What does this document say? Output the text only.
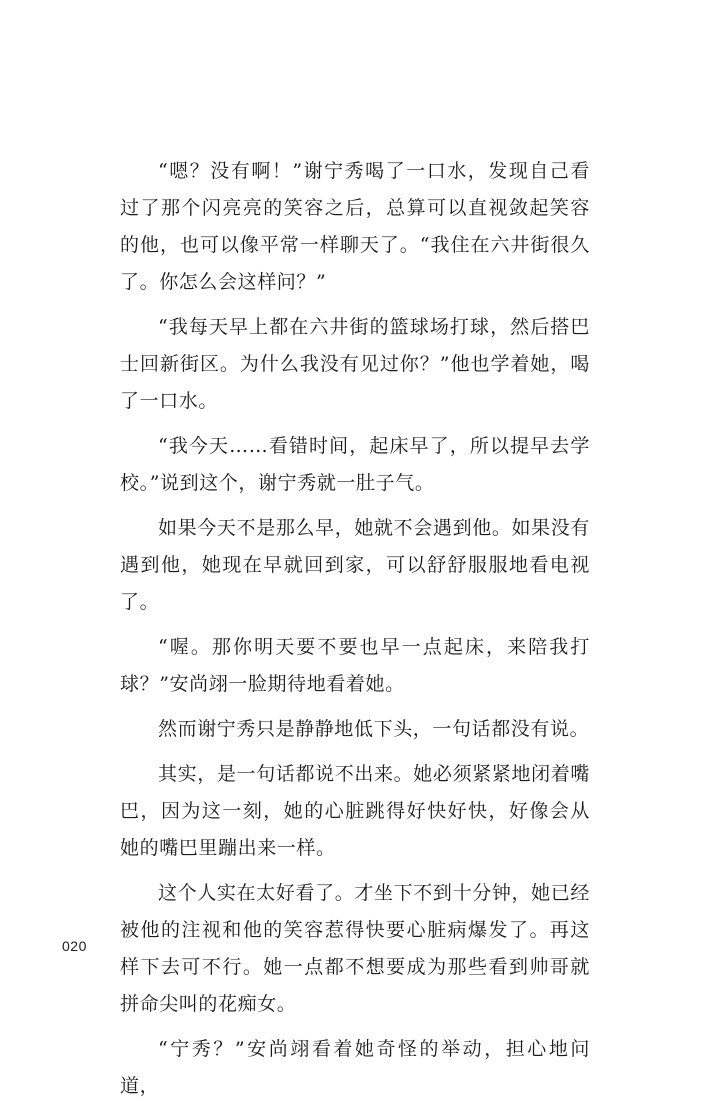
“嗯？没有啊！”谢宁秀喝了一口水，发现自己看过了那个闪亮亮的笑容之后，总算可以直视敛起笑容的他，也可以像平常一样聊天了。“我住在六井街很久了。你怎么会这样问？”

“我每天早上都在六井街的篮球场打球，然后搭巴士回新街区。为什么我没有见过你？”他也学着她，喝了一口水。

“我今天……看错时间，起床早了，所以提早去学校。”说到这个，谢宁秀就一肚子气。

如果今天不是那么早，她就不会遇到他。如果没有遇到他，她现在早就回到家，可以舒舒服服地看电视了。

“喔。那你明天要不要也早一点起床，来陪我打球？”安尚翊一脸期待地看着她。

然而谢宁秀只是静静地低下头，一句话都没有说。

其实，是一句话都说不出来。她必须紧紧地闭着嘴巴，因为这一刻，她的心脏跳得好快好快，好像会从她的嘴巴里蹦出来一样。

这个人实在太好看了。才坐下不到十分钟，她已经被他的注视和他的笑容惹得快要心脏病爆发了。再这样下去可不行。她一点都不想要成为那些看到帅哥就拼命尖叫的花痴女。

“宁秀？”安尚翊看着她奇怪的举动，担心地问道，

020
